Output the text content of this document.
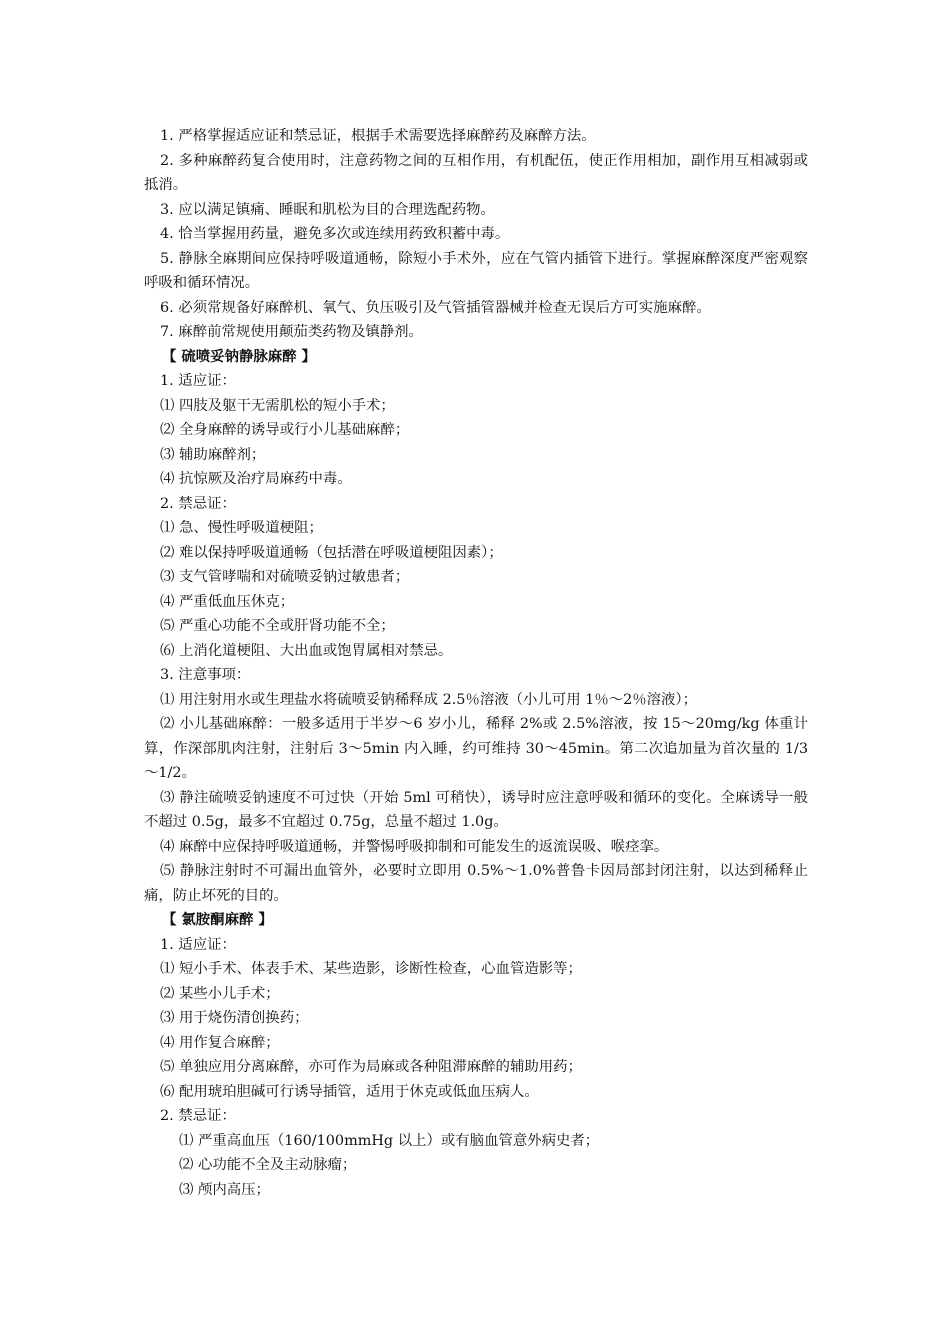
1. 严格掌握适应证和禁忌证，根据手术需要选择麻醉药及麻醉方法。

2. 多种麻醉药复合使用时，注意药物之间的互相作用，有机配伍，使正作用相加，副作用互相减弱或抵消。

3. 应以满足镇痛、睡眠和肌松为目的合理选配药物。

4. 恰当掌握用药量，避免多次或连续用药致积蓄中毒。

5. 静脉全麻期间应保持呼吸道通畅，除短小手术外，应在气管内插管下进行。掌握麻醉深度严密观察呼吸和循环情况。

6. 必须常规备好麻醉机、氧气、负压吸引及气管插管器械并检查无误后方可实施麻醉。

7. 麻醉前常规使用颠茄类药物及镇静剂。

【 硫喷妥钠静脉麻醉 】

1. 适应证：

⑴ 四肢及躯干无需肌松的短小手术；

⑵ 全身麻醉的诱导或行小儿基础麻醉；

⑶ 辅助麻醉剂；

⑷ 抗惊厥及治疗局麻药中毒。

2. 禁忌证：

⑴ 急、慢性呼吸道梗阻；

⑵ 难以保持呼吸道通畅（包括潜在呼吸道梗阻因素）；

⑶ 支气管哮喘和对硫喷妥钠过敏患者；

⑷ 严重低血压休克；

⑸ 严重心功能不全或肝肾功能不全；

⑹ 上消化道梗阻、大出血或饱胃属相对禁忌。

3. 注意事项：

⑴ 用注射用水或生理盐水将硫喷妥钠稀释成 2.5％溶液（小儿可用 1％～2％溶液）；

⑵ 小儿基础麻醉：一般多适用于半岁～6 岁小儿，稀释 2%或 2.5%溶液，按 15～20mg/kg 体重计算，作深部肌肉注射，注射后 3～5min 内入睡，约可维持 30～45min。第二次追加量为首次量的 1/3～1/2。

⑶ 静注硫喷妥钠速度不可过快（开始 5ml 可稍快），诱导时应注意呼吸和循环的变化。全麻诱导一般不超过 0.5g，最多不宜超过 0.75g，总量不超过 1.0g。

⑷ 麻醉中应保持呼吸道通畅，并警惕呼吸抑制和可能发生的返流误吸、喉痉挛。

⑸ 静脉注射时不可漏出血管外，必要时立即用 0.5%～1.0%普鲁卡因局部封闭注射，以达到稀释止痛，防止坏死的目的。

【 氯胺酮麻醉 】

1. 适应证：

⑴ 短小手术、体表手术、某些造影，诊断性检查，心血管造影等；

⑵ 某些小儿手术；

⑶ 用于烧伤清创换药；

⑷ 用作复合麻醉；

⑸ 单独应用分离麻醉，亦可作为局麻或各种阻滞麻醉的辅助用药；

⑹ 配用琥珀胆碱可行诱导插管，适用于休克或低血压病人。

2. 禁忌证：

⑴ 严重高血压（160/100mmHg 以上）或有脑血管意外病史者；

⑵ 心功能不全及主动脉瘤；

⑶ 颅内高压；
